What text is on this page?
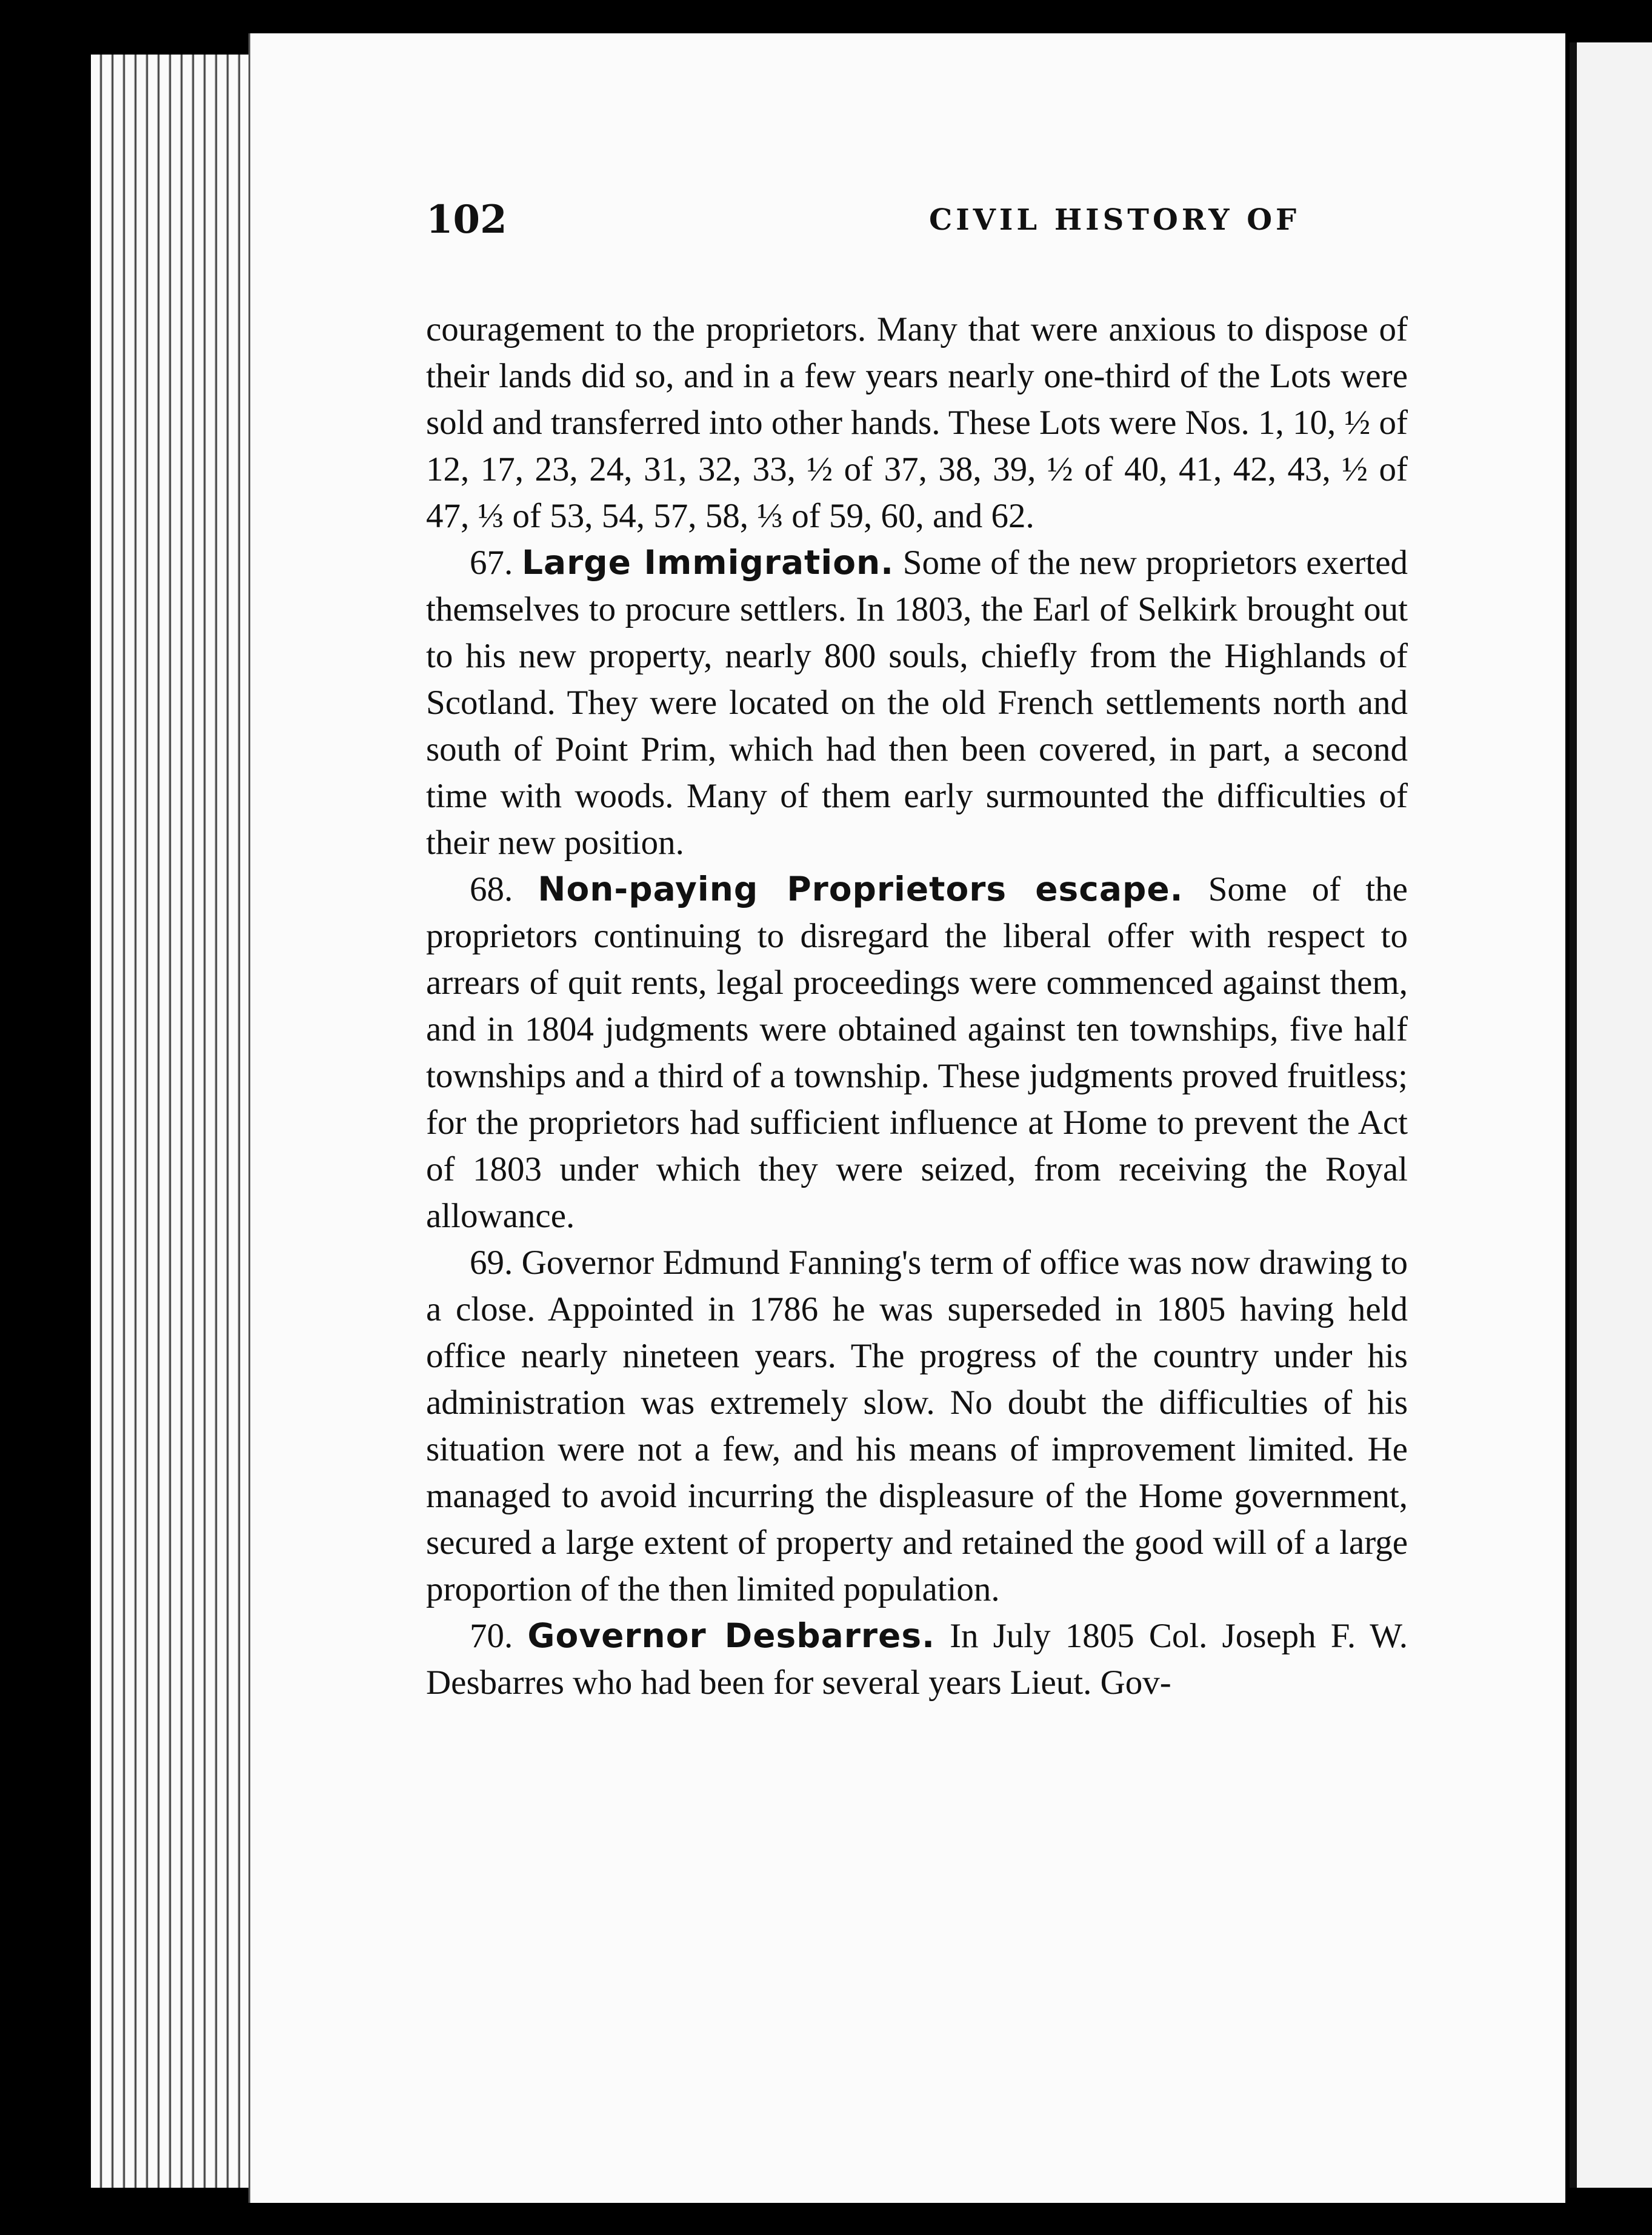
102	CIVIL HISTORY OF

couragement to the proprietors. Many that were anxious to dispose of their lands did so, and in a few years nearly one-third of the Lots were sold and transferred into other hands. These Lots were Nos. 1, 10, ½ of 12, 17, 23, 24, 31, 32, 33, ½ of 37, 38, 39, ½ of 40, 41, 42, 43, ½ of 47, ⅓ of 53, 54, 57, 58, ⅓ of 59, 60, and 62.

67. Large Immigration. Some of the new proprietors exerted themselves to procure settlers. In 1803, the Earl of Selkirk brought out to his new property, nearly 800 souls, chiefly from the Highlands of Scotland. They were located on the old French settlements north and south of Point Prim, which had then been covered, in part, a second time with woods. Many of them early surmounted the difficulties of their new position.

68. Non-paying Proprietors escape. Some of the proprietors continuing to disregard the liberal offer with respect to arrears of quit rents, legal proceedings were commenced against them, and in 1804 judgments were obtained against ten townships, five half townships and a third of a township. These judgments proved fruitless; for the proprietors had sufficient influence at Home to prevent the Act of 1803 under which they were seized, from receiving the Royal allowance.

69. Governor Edmund Fanning's term of office was now drawing to a close. Appointed in 1786 he was superseded in 1805 having held office nearly nineteen years. The progress of the country under his administration was extremely slow. No doubt the difficulties of his situation were not a few, and his means of improvement limited. He managed to avoid incurring the displeasure of the Home government, secured a large extent of property and retained the good will of a large proportion of the then limited population.

70. Governor Desbarres. In July 1805 Col. Joseph F. W. Desbarres who had been for several years Lieut. Gov-
